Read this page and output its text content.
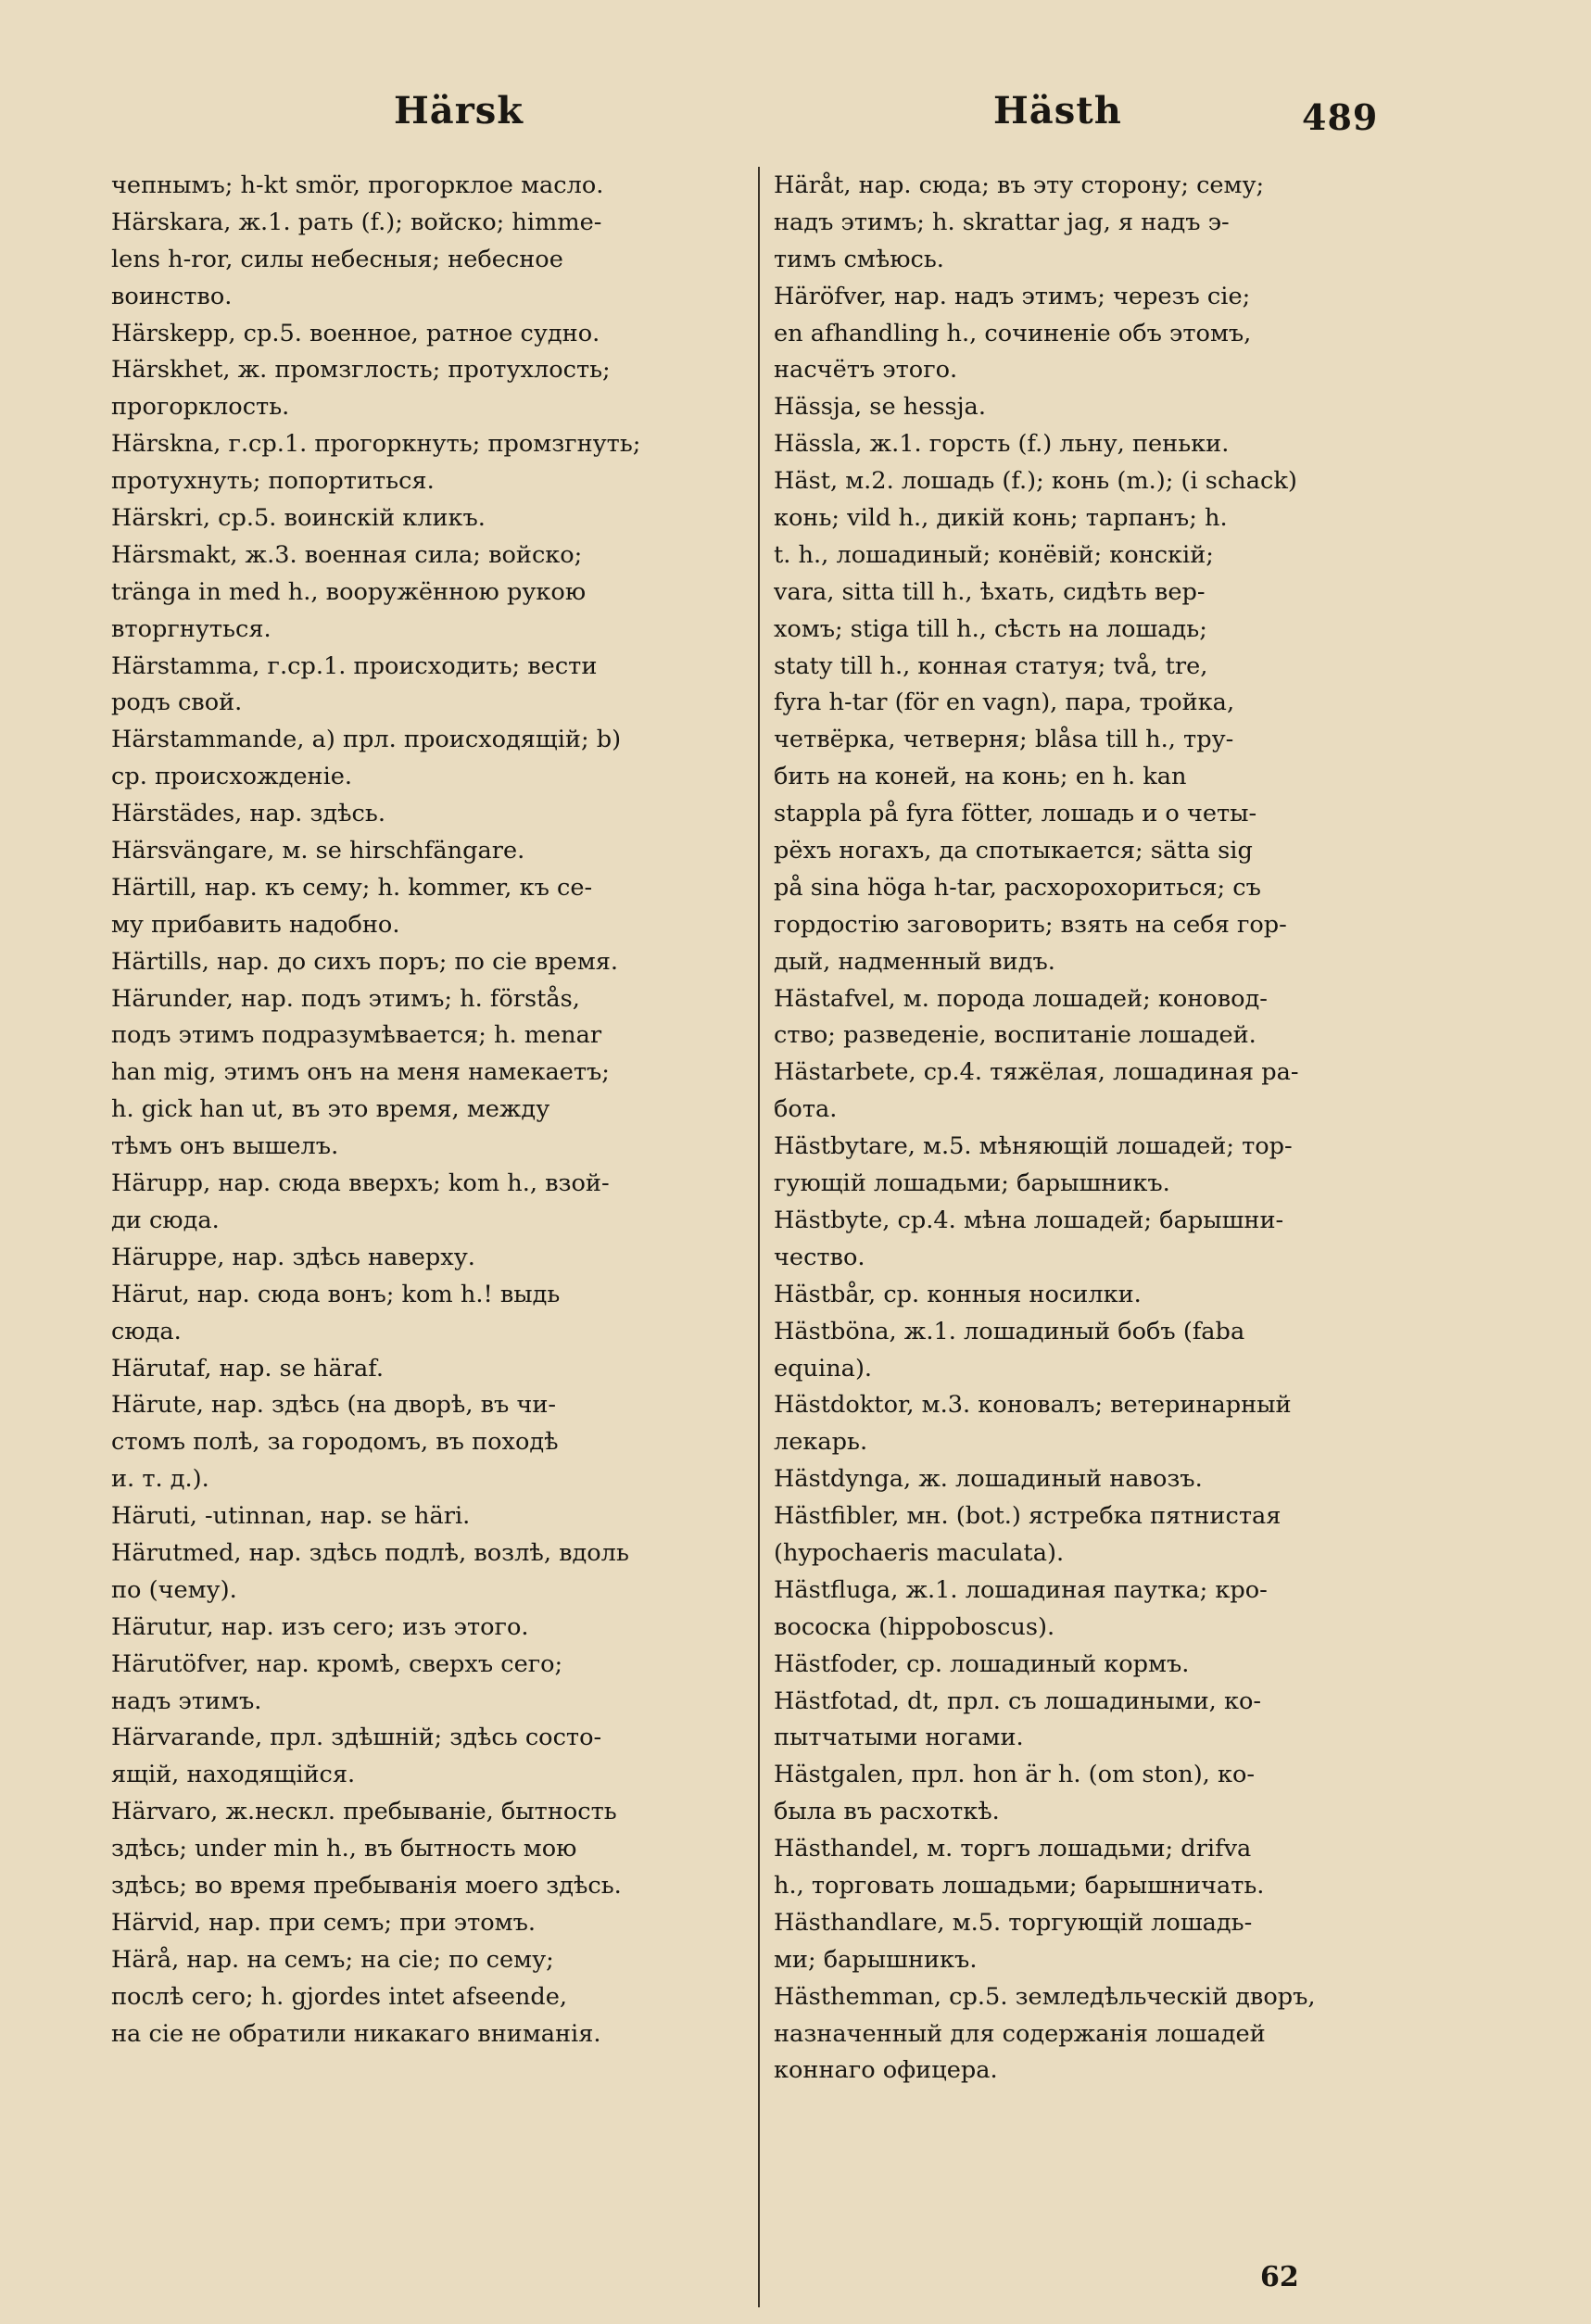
Härsk	Hästh	489
чепнымъ; h-kt smör, прогорклое масло.
Härskara, ж.1. рать (f.); войско; himme-
lens h-ror, силы небесныя; небесное
воинство.
Härskepp, ср.5. военное, ратное судно.
Härskhet, ж. промзглость; протухлость;
прогорклость.
Härskna, г.ср.1. прогоркнуть; промзгнуть;
протухнуть; попортиться.
Härskri, ср.5. воинскій кликъ.
Härsmakt, ж.3. военная сила; войско;
tränga in med h., вооружённою рукою
вторгнуться.
Härstamma, г.ср.1. происходить; вести
родъ свой.
Härstammande, a) прл. происходящій; b)
ср. происхожденіе.
Härstädes, нар. здѣсь.
Härsvängare, м. se hirschfängare.
Härtill, нар. къ сему; h. kommer, къ се-
му прибавить надобно.
Härtills, нар. до сихъ поръ; по сіе время.
Härunder, нар. подъ этимъ; h. förstås,
подъ этимъ подразумѣвается; h. menar
han mig, этимъ онъ на меня намекаетъ;
h. gick han ut, въ это время, между
тѣмъ онъ вышелъ.
Härupp, нар. сюда вверхъ; kom h., взой-
ди сюда.
Häruppe, нар. здѣсь наверху.
Härut, нар. сюда вонъ; kom h.! выдь
сюда.
Härutaf, нар. se häraf.
Härute, нар. здѣсь (на дворѣ, въ чи-
стомъ полѣ, за городомъ, въ походѣ
и. т. д.).
Häruti, -utinnan, нар. se häri.
Härutmed, нар. здѣсь подлѣ, возлѣ, вдоль
по (чему).
Härutur, нар. изъ сего; изъ этого.
Härutöfver, нар. кромѣ, сверхъ сего;
надъ этимъ.
Härvarande, прл. здѣшній; здѣсь состо-
ящій, находящійся.
Härvaro, ж.нескл. пребываніе, бытность
здѣсь; under min h., въ бытность мою
здѣсь; во время пребыванія моего здѣсь.
Härvid, нар. при семъ; при этомъ.
Härå, нар. на семъ; на сіе; по сему;
послѣ сего; h. gjordes intet afseende,
на сіе не обратили никакаго вниманія.
Häråt, нар. сюда; въ эту сторону; сему;
надъ этимъ; h. skrattar jag, я надъ э-
тимъ смѣюсь.
Häröfver, нар. надъ этимъ; черезъ сіе;
en afhandling h., сочиненіе объ этомъ,
насчётъ этого.
Hässja, se hessja.
Hässla, ж.1. горсть (f.) льну, пеньки.
Häst, м.2. лошадь (f.); конь (m.); (i schack)
конь; vild h., дикій конь; тарпанъ; h.
t. h., лошадиный; конёвій; конскій;
vara, sitta till h., ѣхать, сидѣть вер-
хомъ; stiga till h., сѣсть на лошадь;
staty till h., конная статуя; två, tre,
fyra h-tar (för en vagn), пара, тройка,
четвёрка, четверня; blåsa till h., тру-
бить на коней, на конь; en h. kan
stappla på fyra fötter, лошадь и о четы-
рёхъ ногахъ, да спотыкается; sätta sig
på sina höga h-tar, расхорохориться; съ
гордостію заговорить; взять на себя гор-
дый, надменный видъ.
Hästafvel, м. порода лошадей; коновод-
ство; разведеніе, воспитаніе лошадей.
Hästarbete, ср.4. тяжёлая, лошадиная ра-
бота.
Hästbytare, м.5. мѣняющій лошадей; тор-
гующій лошадьми; барышникъ.
Hästbyte, ср.4. мѣна лошадей; барышни-
чество.
Hästbår, ср. конныя носилки.
Hästböna, ж.1. лошадиный бобъ (faba
equina).
Hästdoktor, м.3. коновалъ; ветеринарный
лекарь.
Hästdynga, ж. лошадиный навозъ.
Hästfibler, мн. (bot.) ястребка пятнистая
(hypochaeris maculata).
Hästfluga, ж.1. лошадиная паутка; кро-
вососка (hippoboscus).
Hästfoder, ср. лошадиный кормъ.
Hästfotad, dt, прл. съ лошадиными, ко-
пытчатыми ногами.
Hästgalen, прл. hon är h. (om ston), ко-
была въ расхоткѣ.
Hästhandel, м. торгъ лошадьми; drifva
h., торговать лошадьми; барышничать.
Hästhandlare, м.5. торгующій лошадь-
ми; барышникъ.
Hästhemman, ср.5. земледѣльческій дворъ,
назначенный для содержанія лошадей
коннаго офицера.
62
